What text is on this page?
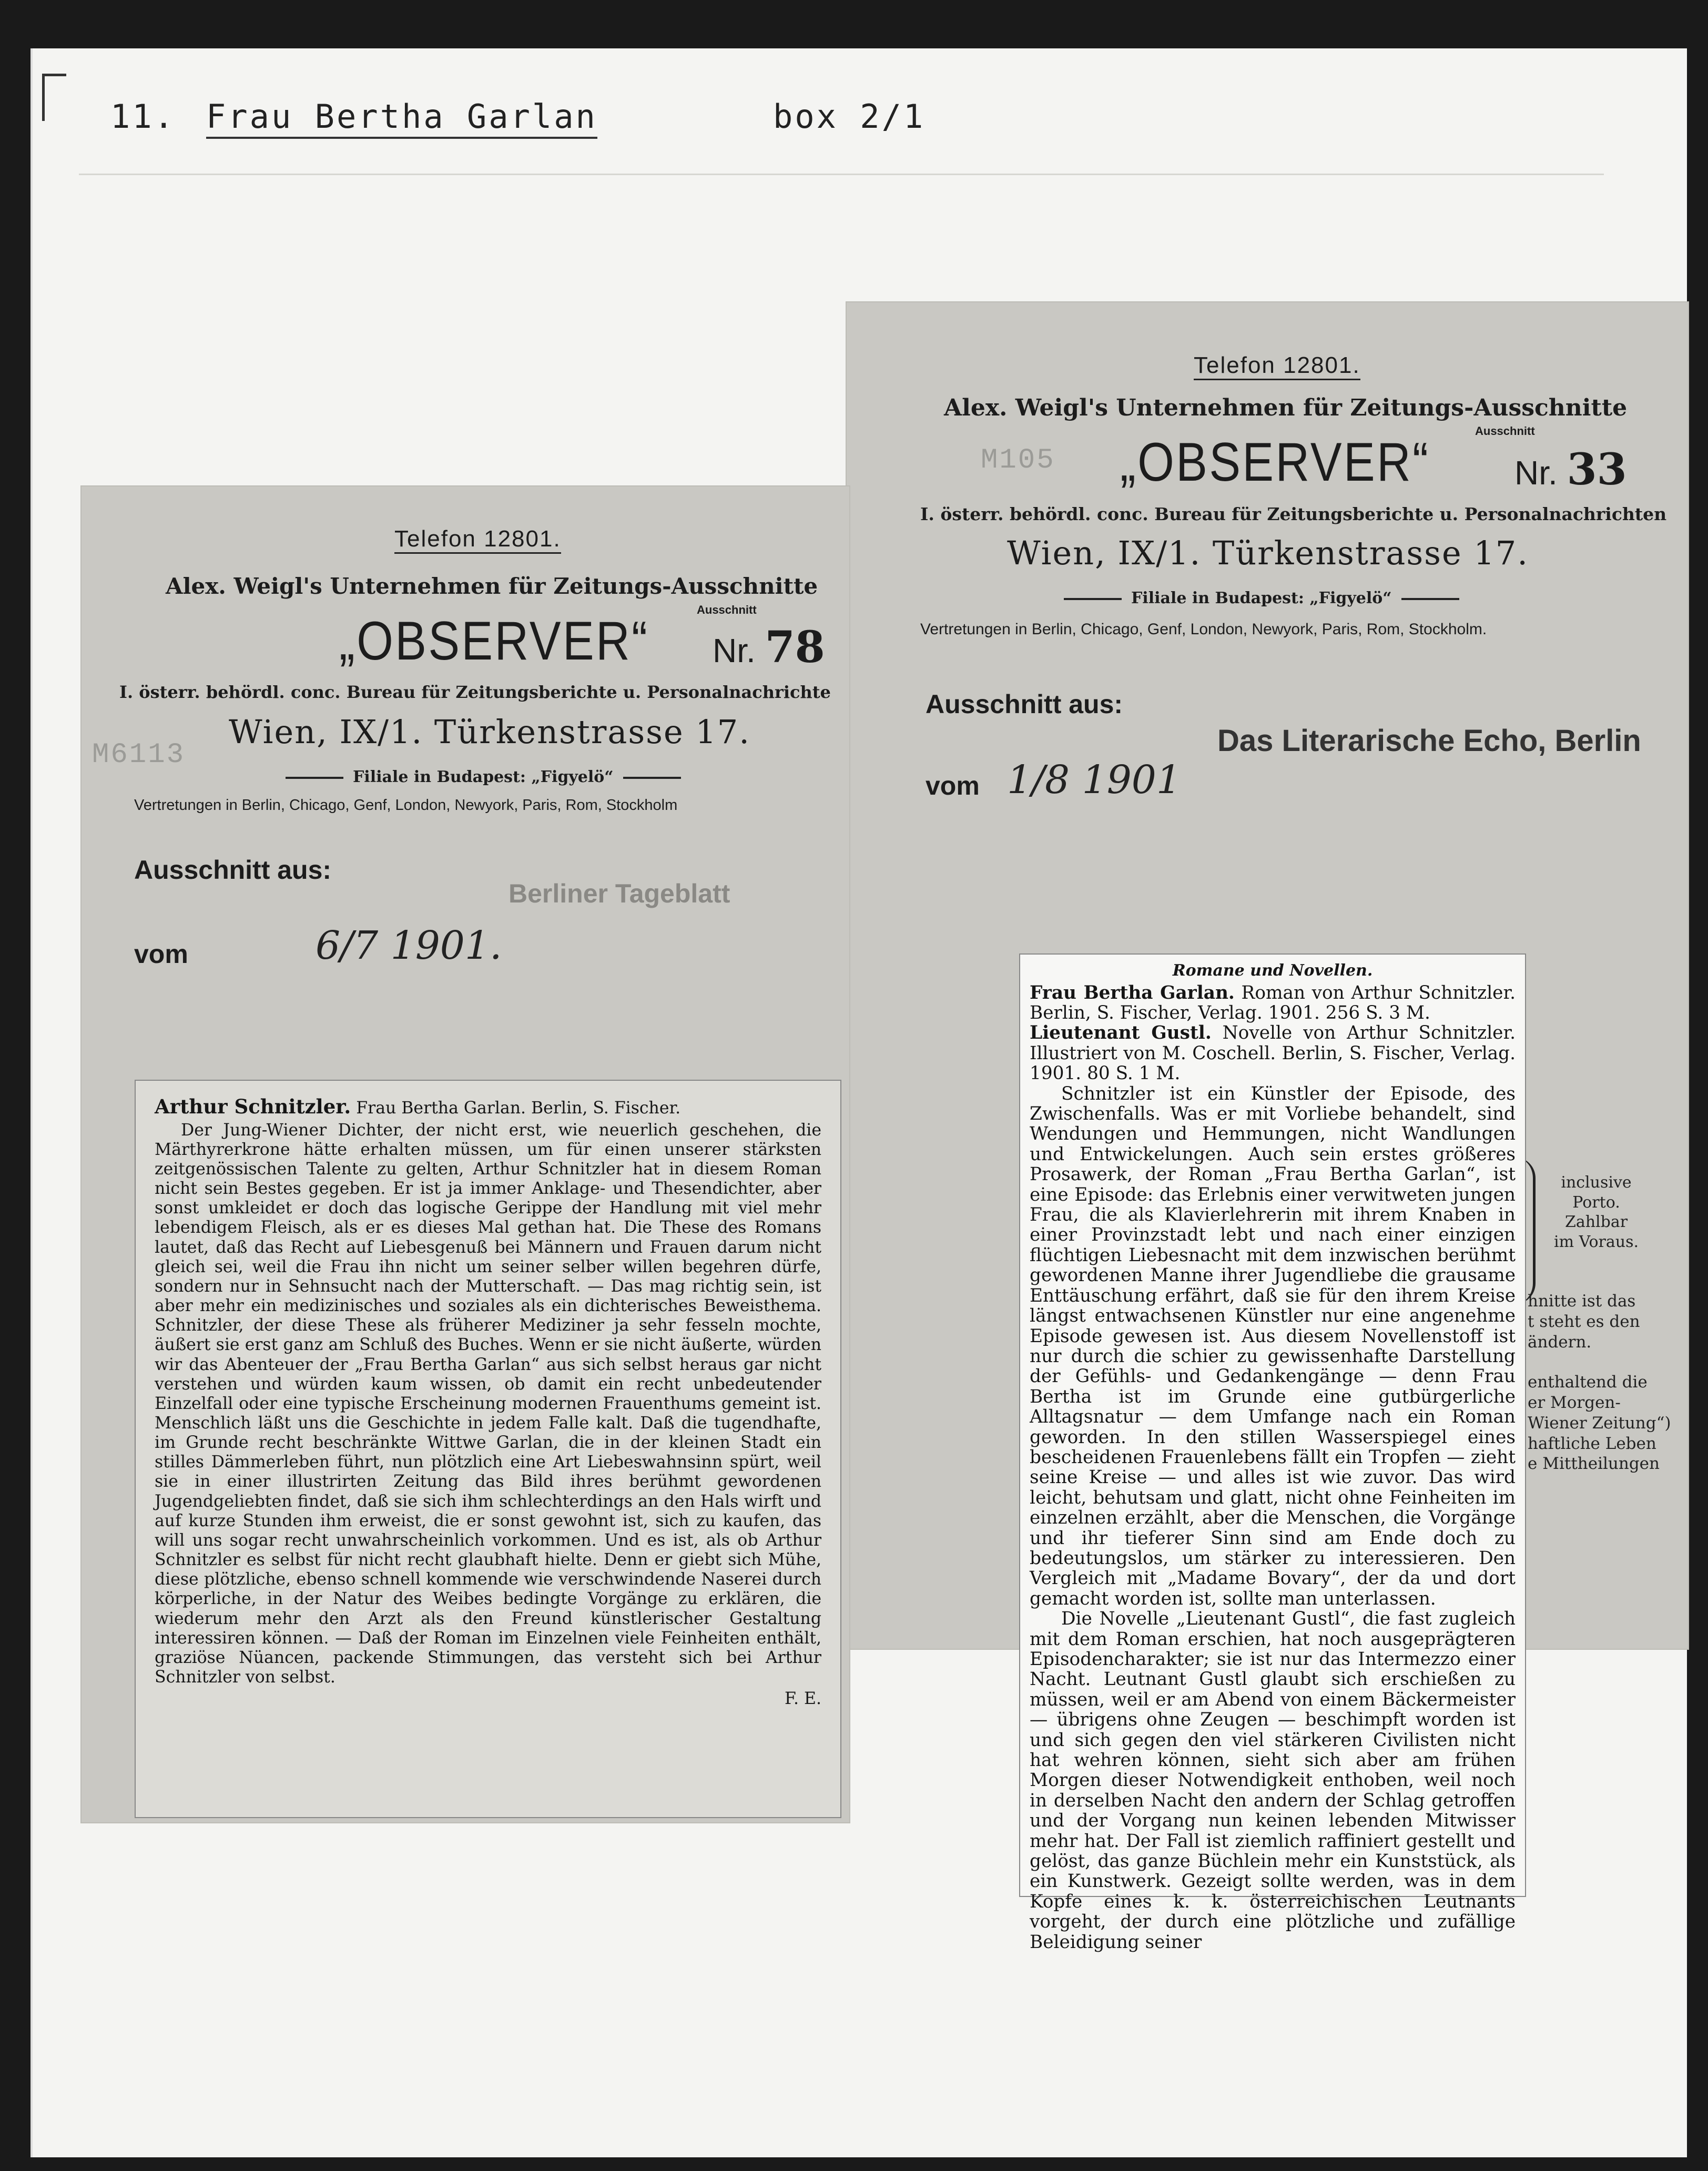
11. Frau Bertha Garlan	box 2/1
Telefon 12801.
Alex. Weigl's Unternehmen für Zeitungs-Ausschnitte
Ausschnitt
M105 „OBSERVER“	Nr. 33
I. österr. behördl. conc. Bureau für Zeitungsberichte u. Personalnachrichten
Wien, IX/1. Türkenstrasse 17.
Filiale in Budapest: „Figyelö“
Vertretungen in Berlin, Chicago, Genf, London, Newyork, Paris, Rom, Stockholm.
Ausschnitt aus:
Das Literarische Echo, Berlin
vom 1/8 1901
inclusive
Porto.
Zahlbar
im Voraus.
hnitte ist das
t steht es den
ändern.
enthaltend die
er Morgen-
Wiener Zeitung“)
haftliche Leben
e Mittheilungen
Telefon 12801.
Alex. Weigl's Unternehmen für Zeitungs-Ausschnitte
Ausschnitt
„OBSERVER“ Nr. 78
I. österr. behördl. conc. Bureau für Zeitungsberichte u. Personalnachrichte
Wien, IX/1. Türkenstrasse 17.
M6113
Filiale in Budapest: „Figyelö“
Vertretungen in Berlin, Chicago, Genf, London, Newyork, Paris, Rom, Stockholm
Ausschnitt aus:
Berliner Tageblatt
vom	6/7 1901.

Arthur Schnitzler. Frau Bertha Garlan. Berlin, S. Fischer.

Der Jung-Wiener Dichter, der nicht erst, wie neuerlich geschehen, die Märthyrerkrone hätte erhalten müssen, um für einen unserer stärksten zeitgenössischen Talente zu gelten, Arthur Schnitzler hat in diesem Roman nicht sein Bestes gegeben. Er ist ja immer Anklage- und Thesendichter, aber sonst umkleidet er doch das logische Gerippe der Handlung mit viel mehr lebendigem Fleisch, als er es dieses Mal gethan hat. Die These des Romans lautet, daß das Recht auf Liebesgenuß bei Männern und Frauen darum nicht gleich sei, weil die Frau ihn nicht um seiner selber willen begehren dürfe, sondern nur in Sehnsucht nach der Mutterschaft. — Das mag richtig sein, ist aber mehr ein medizinisches und soziales als ein dichterisches Beweisthema. Schnitzler, der diese These als früherer Mediziner ja sehr fesseln mochte, äußert sie erst ganz am Schluß des Buches. Wenn er sie nicht äußerte, würden wir das Abenteuer der „Frau Bertha Garlan“ aus sich selbst heraus gar nicht verstehen und würden kaum wissen, ob damit ein recht unbedeutender Einzelfall oder eine typische Erscheinung modernen Frauenthums gemeint ist. Menschlich läßt uns die Geschichte in jedem Falle kalt. Daß die tugendhafte, im Grunde recht beschränkte Wittwe Garlan, die in der kleinen Stadt ein stilles Dämmerleben führt, nun plötzlich eine Art Liebeswahnsinn spürt, weil sie in einer illustrirten Zeitung das Bild ihres berühmt gewordenen Jugendgeliebten findet, daß sie sich ihm schlechterdings an den Hals wirft und auf kurze Stunden ihm erweist, die er sonst gewohnt ist, sich zu kaufen, das will uns sogar recht unwahrscheinlich vorkommen. Und es ist, als ob Arthur Schnitzler es selbst für nicht recht glaubhaft hielte. Denn er giebt sich Mühe, diese plötzliche, ebenso schnell kommende wie verschwindende Naserei durch körperliche, in der Natur des Weibes bedingte Vorgänge zu erklären, die wiederum mehr den Arzt als den Freund künstlerischer Gestaltung interessiren können. — Daß der Roman im Einzelnen viele Feinheiten enthält, graziöse Nüancen, packende Stimmungen, das versteht sich bei Arthur Schnitzler von selbst.

F. E.

Romane und Novellen.

Frau Bertha Garlan. Roman von Arthur Schnitzler. Berlin, S. Fischer, Verlag. 1901. 256 S. 3 M.

Lieutenant Gustl. Novelle von Arthur Schnitzler. Illustriert von M. Coschell. Berlin, S. Fischer, Verlag. 1901. 80 S. 1 M.

Schnitzler ist ein Künstler der Episode, des Zwischenfalls. Was er mit Vorliebe behandelt, sind Wendungen und Hemmungen, nicht Wandlungen und Entwickelungen. Auch sein erstes größeres Prosawerk, der Roman „Frau Bertha Garlan“, ist eine Episode: das Erlebnis einer verwitweten jungen Frau, die als Klavierlehrerin mit ihrem Knaben in einer Provinzstadt lebt und nach einer einzigen flüchtigen Liebesnacht mit dem inzwischen berühmt gewordenen Manne ihrer Jugendliebe die grausame Enttäuschung erfährt, daß sie für den ihrem Kreise längst entwachsenen Künstler nur eine angenehme Episode gewesen ist. Aus diesem Novellenstoff ist nur durch die schier zu gewissenhafte Darstellung der Gefühls- und Gedankengänge — denn Frau Bertha ist im Grunde eine gutbürgerliche Alltagsnatur — dem Umfange nach ein Roman geworden. In den stillen Wasserspiegel eines bescheidenen Frauenlebens fällt ein Tropfen — zieht seine Kreise — und alles ist wie zuvor. Das wird leicht, behutsam und glatt, nicht ohne Feinheiten im einzelnen erzählt, aber die Menschen, die Vorgänge und ihr tieferer Sinn sind am Ende doch zu bedeutungslos, um stärker zu interessieren. Den Vergleich mit „Madame Bovary“, der da und dort gemacht worden ist, sollte man unterlassen.

Die Novelle „Lieutenant Gustl“, die fast zugleich mit dem Roman erschien, hat noch ausgeprägteren Episodencharakter; sie ist nur das Intermezzo einer Nacht. Leutnant Gustl glaubt sich erschießen zu müssen, weil er am Abend von einem Bäckermeister — übrigens ohne Zeugen — beschimpft worden ist und sich gegen den viel stärkeren Civilisten nicht hat wehren können, sieht sich aber am frühen Morgen dieser Notwendigkeit enthoben, weil noch in derselben Nacht den andern der Schlag getroffen und der Vorgang nun keinen lebenden Mitwisser mehr hat. Der Fall ist ziemlich raffiniert gestellt und gelöst, das ganze Büchlein mehr ein Kunststück, als ein Kunstwerk. Gezeigt sollte werden, was in dem Kopfe eines k. k. österreichischen Leutnants vorgeht, der durch eine plötzliche und zufällige Beleidigung seiner
